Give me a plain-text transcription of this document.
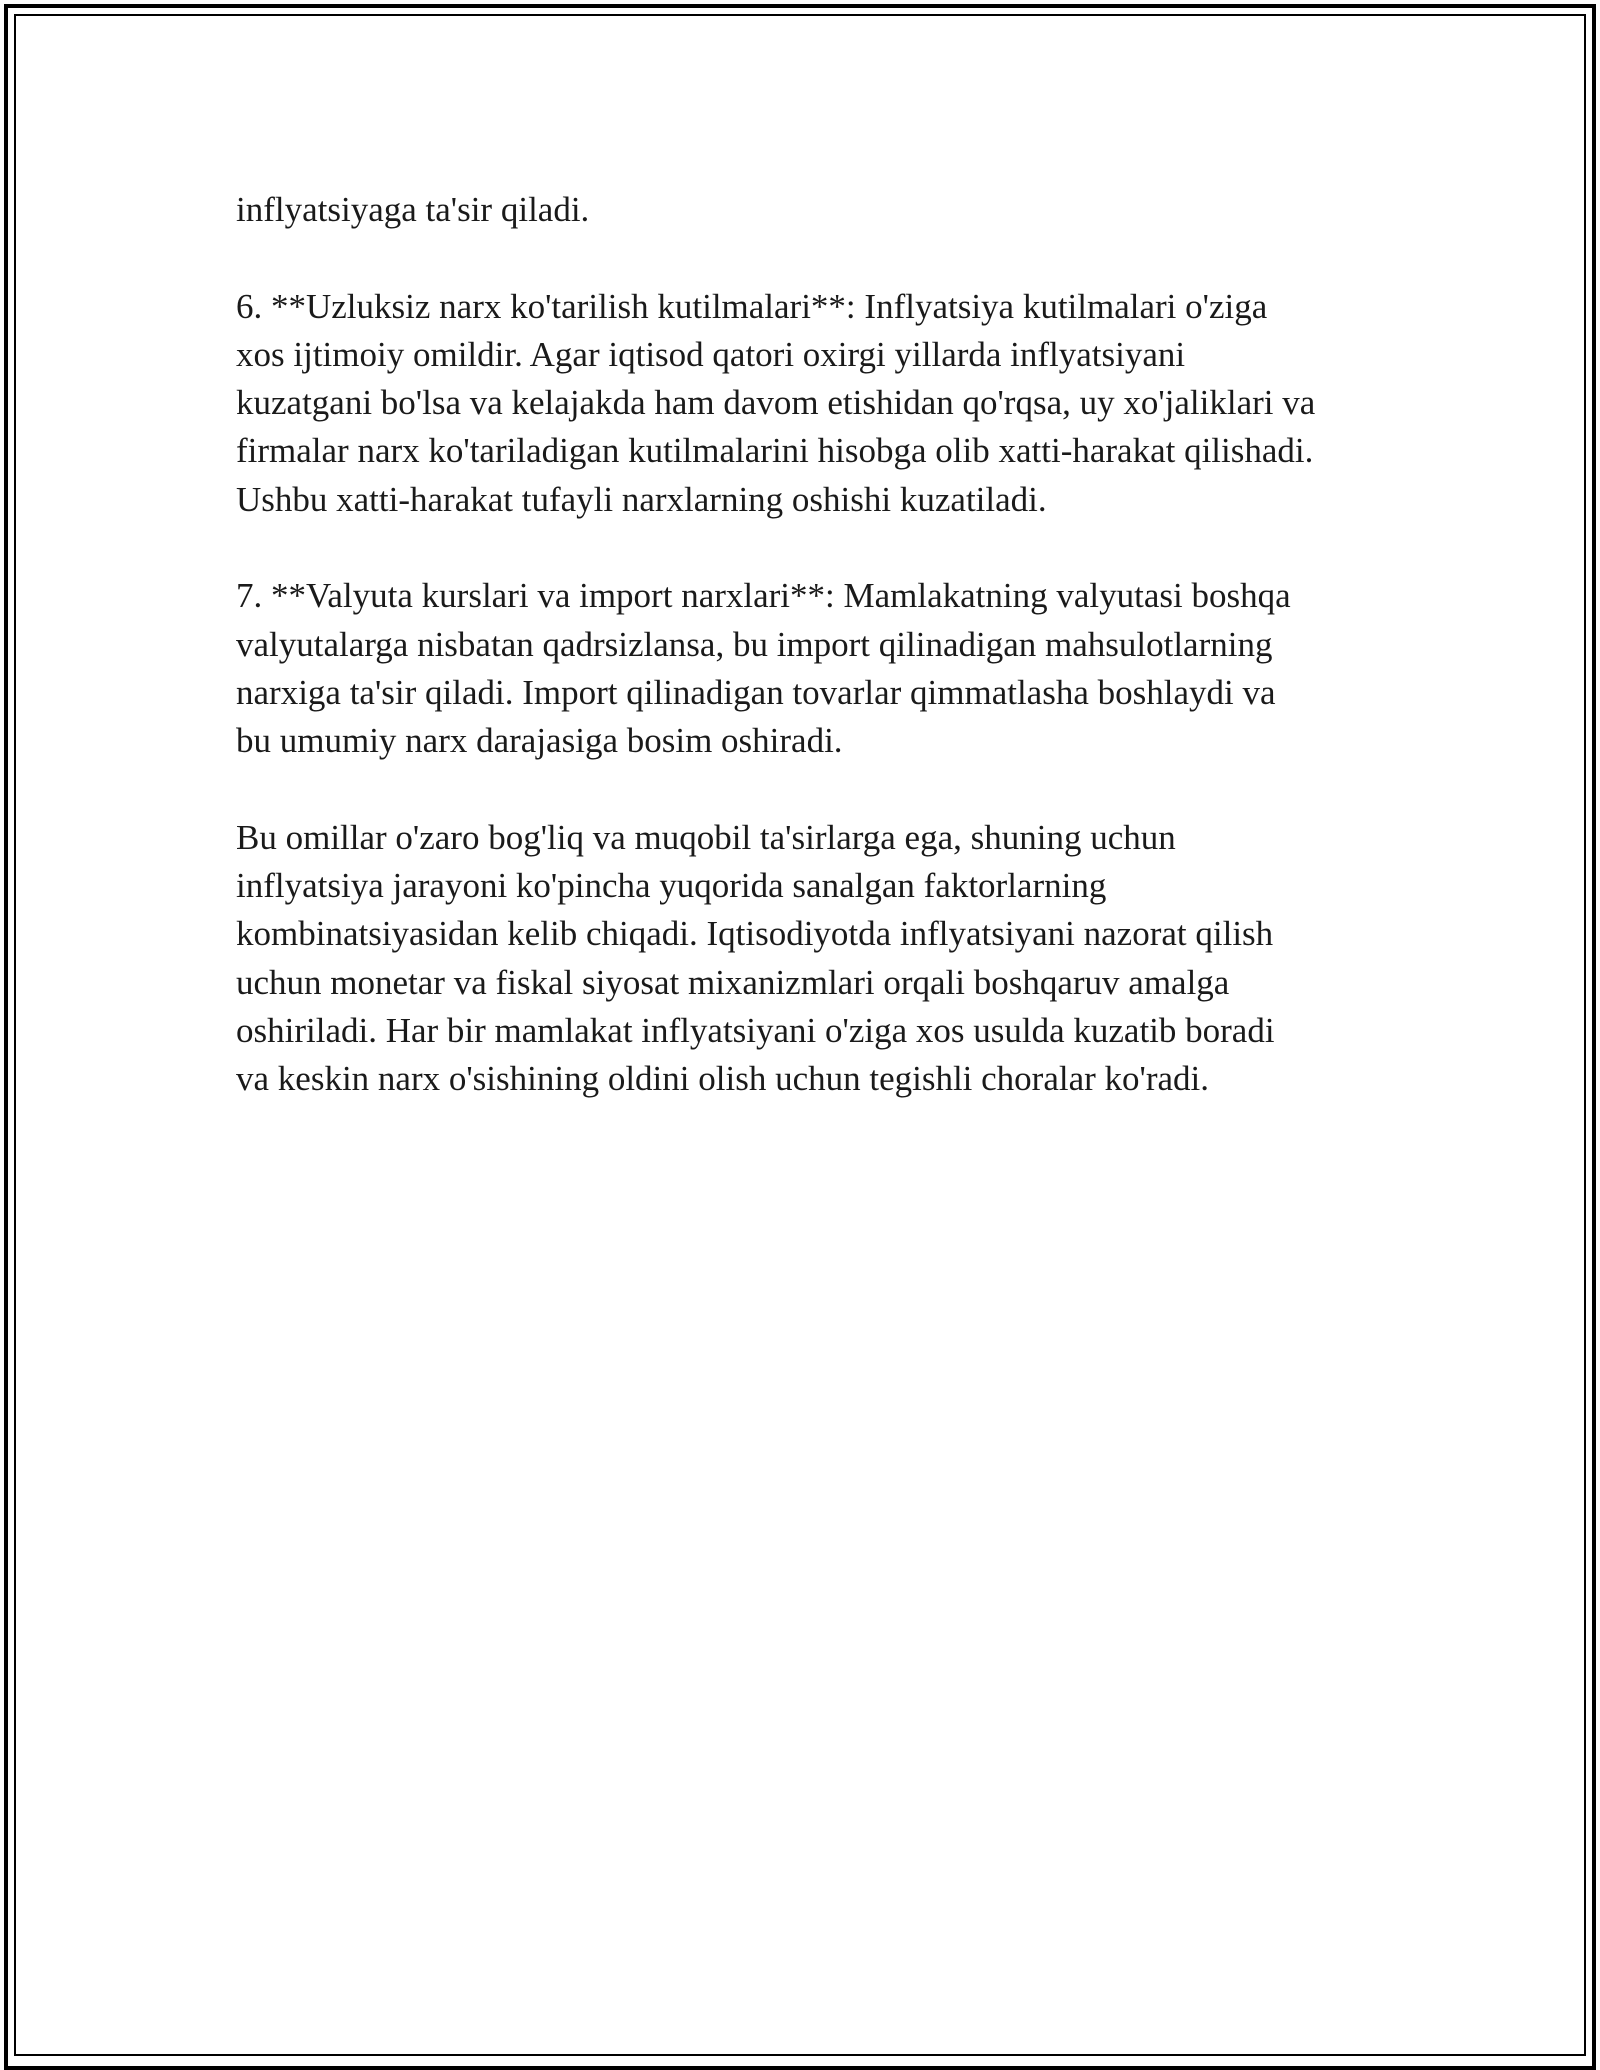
inflyatsiyaga ta'sir qiladi.
6. **Uzluksiz narx ko'tarilish kutilmalari**: Inflyatsiya kutilmalari o'ziga
xos ijtimoiy omildir. Agar iqtisod qatori oxirgi yillarda inflyatsiyani
kuzatgani bo'lsa va kelajakda ham davom etishidan qo'rqsa, uy xo'jaliklari va
firmalar narx ko'tariladigan kutilmalarini hisobga olib xatti-harakat qilishadi.
Ushbu xatti-harakat tufayli narxlarning oshishi kuzatiladi.
7. **Valyuta kurslari va import narxlari**: Mamlakatning valyutasi boshqa
valyutalarga nisbatan qadrsizlansa, bu import qilinadigan mahsulotlarning
narxiga ta'sir qiladi. Import qilinadigan tovarlar qimmatlasha boshlaydi va
bu umumiy narx darajasiga bosim oshiradi.
Bu omillar o'zaro bog'liq va muqobil ta'sirlarga ega, shuning uchun
inflyatsiya jarayoni ko'pincha yuqorida sanalgan faktorlarning
kombinatsiyasidan kelib chiqadi. Iqtisodiyotda inflyatsiyani nazorat qilish
uchun monetar va fiskal siyosat mixanizmlari orqali boshqaruv amalga
oshiriladi. Har bir mamlakat inflyatsiyani o'ziga xos usulda kuzatib boradi
va keskin narx o'sishining oldini olish uchun tegishli choralar ko'radi.
